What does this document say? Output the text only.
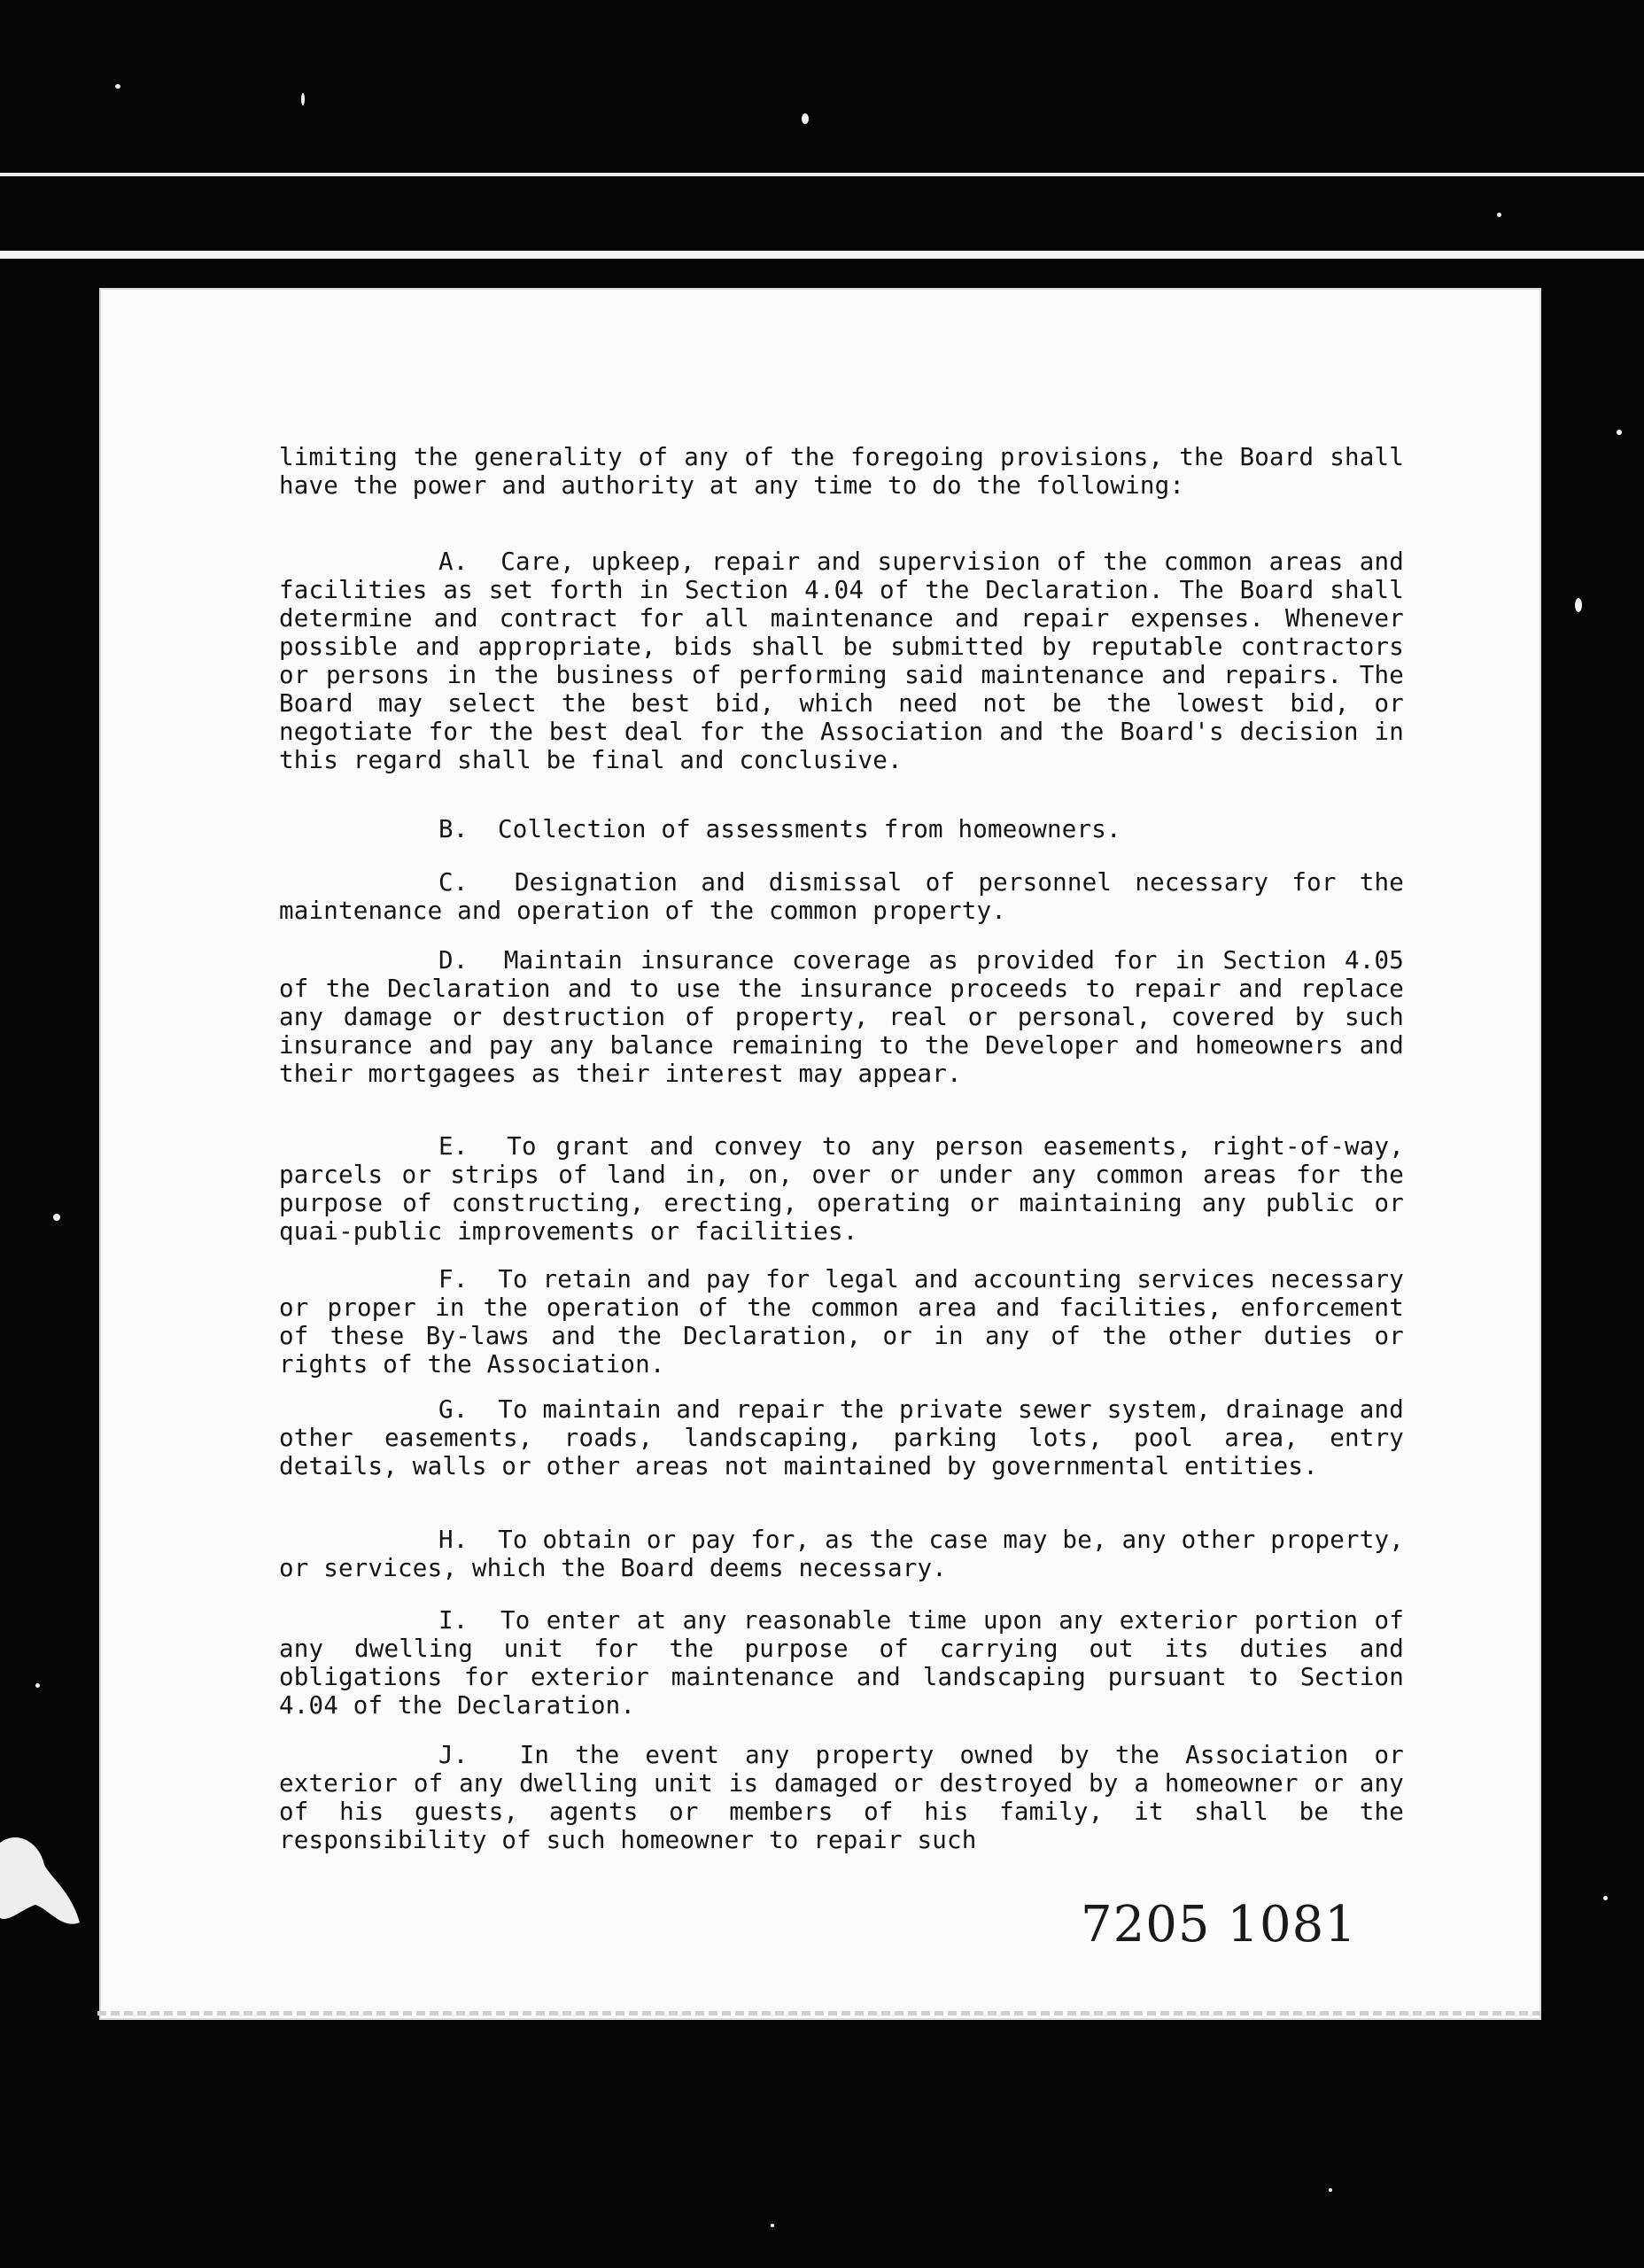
limiting the generality of any of the foregoing provisions, the Board shall have the power and authority at any time to do the following:
A. Care, upkeep, repair and supervision of the common areas and facilities as set forth in Section 4.04 of the Declaration. The Board shall determine and contract for all maintenance and repair expenses. Whenever possible and appropriate, bids shall be submitted by reputable contractors or persons in the business of performing said maintenance and repairs. The Board may select the best bid, which need not be the lowest bid, or negotiate for the best deal for the Association and the Board's decision in this regard shall be final and conclusive.
B. Collection of assessments from homeowners.
C. Designation and dismissal of personnel necessary for the maintenance and operation of the common property.
D. Maintain insurance coverage as provided for in Section 4.05 of the Declaration and to use the insurance proceeds to repair and replace any damage or destruction of property, real or personal, covered by such insurance and pay any balance remaining to the Developer and homeowners and their mortgagees as their interest may appear.
E. To grant and convey to any person easements, right-of-way, parcels or strips of land in, on, over or under any common areas for the purpose of constructing, erecting, operating or maintaining any public or quai-public improvements or facilities.
F. To retain and pay for legal and accounting services necessary or proper in the operation of the common area and facilities, enforcement of these By-laws and the Declaration, or in any of the other duties or rights of the Association.
G. To maintain and repair the private sewer system, drainage and other easements, roads, landscaping, parking lots, pool area, entry details, walls or other areas not maintained by governmental entities.
H. To obtain or pay for, as the case may be, any other property, or services, which the Board deems necessary.
I. To enter at any reasonable time upon any exterior portion of any dwelling unit for the purpose of carrying out its duties and obligations for exterior maintenance and landscaping pursuant to Section 4.04 of the Declaration.
J. In the event any property owned by the Association or exterior of any dwelling unit is damaged or destroyed by a homeowner or any of his guests, agents or members of his family, it shall be the responsibility of such homeowner to repair such
7205 1081
